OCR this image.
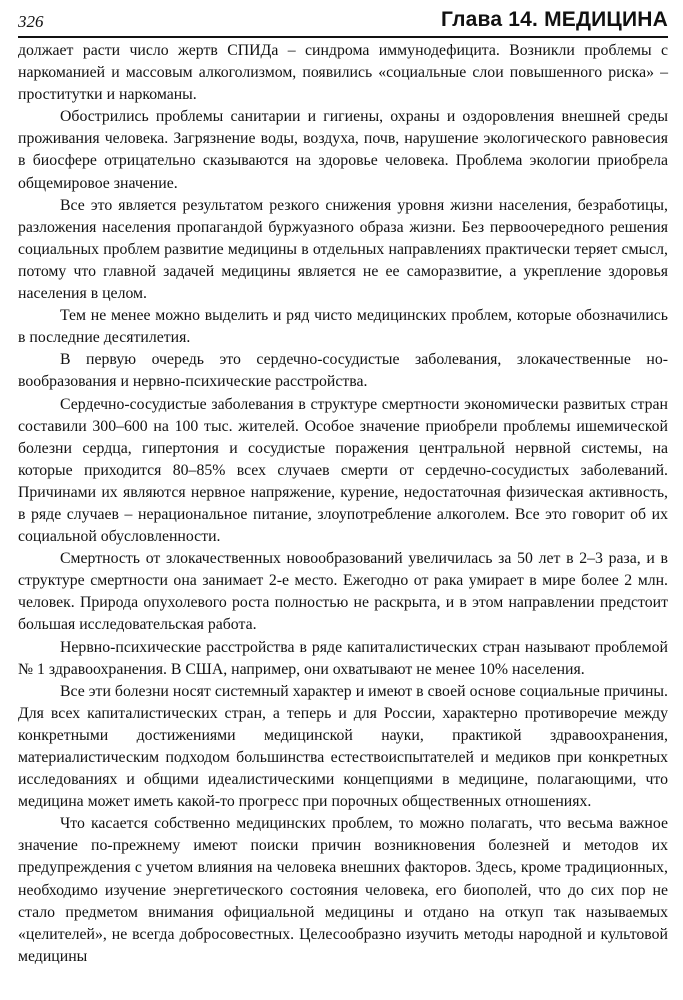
326	Глава 14. МЕДИЦИНА

должает расти число жертв СПИДа – синдрома иммунодефицита. Возникли проблемы с наркоманией и массовым алкоголизмом, появились «социальные слои повышенного риска» – проститутки и наркоманы.

Обострились проблемы санитарии и гигиены, охраны и оздоровления внешней среды проживания человека. Загрязнение воды, воздуха, почв, нарушение экологического равновесия в биосфере отрицательно сказываются на здоровье человека. Проблема экологии приобрела общемировое значение.

Все это является результатом резкого снижения уровня жизни населения, безработицы, разложения населения пропагандой буржуазного образа жизни. Без первоочередного решения социальных проблем развитие медицины в отдельных направлениях практически теряет смысл, потому что главной задачей медицины является не ее саморазвитие, а укрепление здоровья населения в целом.

Тем не менее можно выделить и ряд чисто медицинских проблем, которые обозначились в последние десятилетия.

В первую очередь это сердечно-сосудистые заболевания, злокачественные новообразования и нервно-психические расстройства.

Сердечно-сосудистые заболевания в структуре смертности экономически развитых стран составили 300–600 на 100 тыс. жителей. Особое значение приобрели проблемы ишемической болезни сердца, гипертония и сосудистые поражения центральной нервной системы, на которые приходится 80–85% всех случаев смерти от сердечно-сосудистых заболеваний. Причинами их являются нервное напряжение, курение, недостаточная физическая активность, в ряде случаев – нерациональное питание, злоупотребление алкоголем. Все это говорит об их социальной обусловленности.

Смертность от злокачественных новообразований увеличилась за 50 лет в 2–3 раза, и в структуре смертности она занимает 2-е место. Ежегодно от рака умирает в мире более 2 млн. человек. Природа опухолевого роста полностью не раскрыта, и в этом направлении предстоит большая исследовательская работа.

Нервно-психические расстройства в ряде капиталистических стран называют проблемой № 1 здравоохранения. В США, например, они охватывают не менее 10% населения.

Все эти болезни носят системный характер и имеют в своей основе социальные причины. Для всех капиталистических стран, а теперь и для России, характерно противоречие между конкретными достижениями медицинской науки, практикой здравоохранения, материалистическим подходом большинства естествоиспытателей и медиков при конкретных исследованиях и общими идеалистическими концепциями в медицине, полагающими, что медицина может иметь какой-то прогресс при порочных общественных отношениях.

Что касается собственно медицинских проблем, то можно полагать, что весьма важное значение по-прежнему имеют поиски причин возникновения болезней и методов их предупреждения с учетом влияния на человека внешних факторов. Здесь, кроме традиционных, необходимо изучение энергетического состояния человека, его биополей, что до сих пор не стало предметом внимания официальной медицины и отдано на откуп так называемых «целителей», не всегда добросовестных. Целесообразно изучить методы народной и культовой медицины
